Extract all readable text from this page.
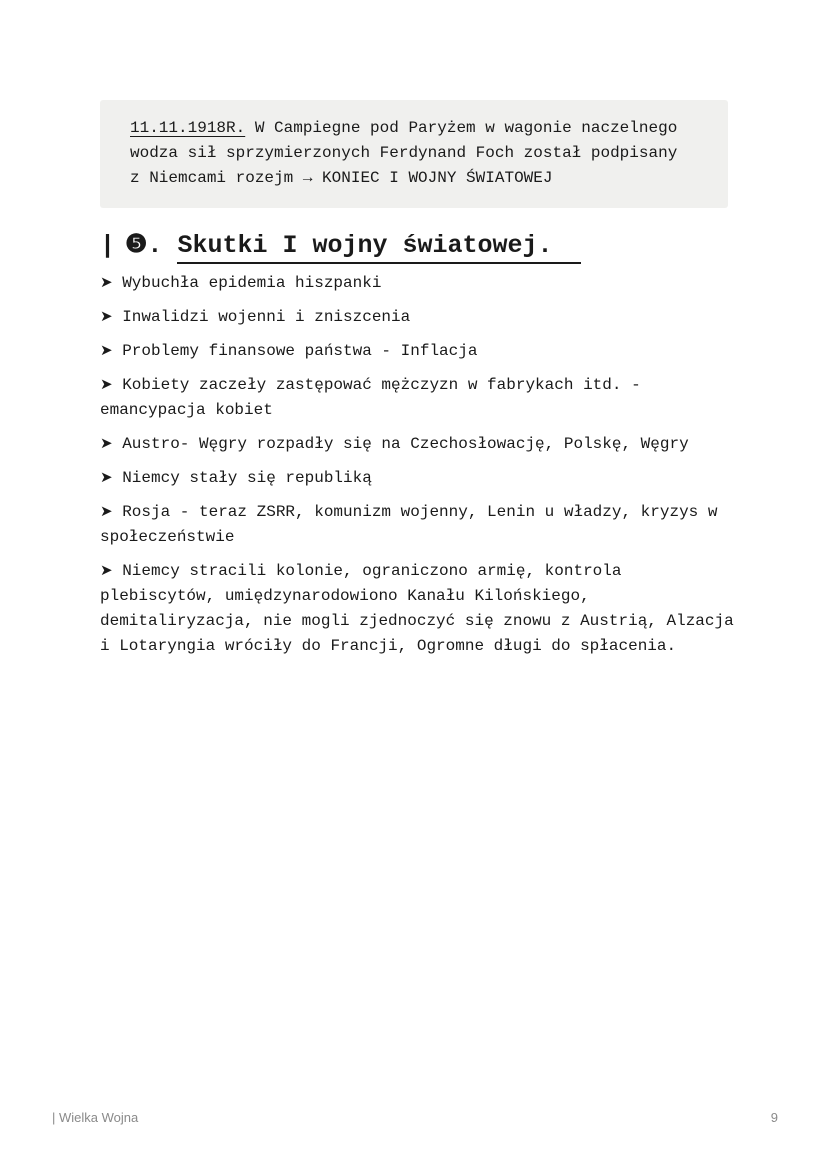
11.11.1918R. W Campiegne pod Paryżem w wagonie naczelnego
wodza sił sprzymierzonych Ferdynand Foch został podpisany
z Niemcami rozejm → KONIEC I WOJNY ŚWIATOWEJ
| ❺. Skutki I wojny światowej.
➤ Wybuchła epidemia hiszpanki
➤ Inwalidzi wojenni i zniszcenia
➤ Problemy finansowe państwa - Inflacja
➤ Kobiety zaczeły zastępować mężczyzn w fabrykach itd. - emancypacja kobiet
➤ Austro- Węgry rozpadły się na Czechosłowację, Polskę, Węgry
➤ Niemcy stały się republiką
➤ Rosja - teraz ZSRR, komunizm wojenny, Lenin u władzy, kryzys w społeczeństwie
➤ Niemcy stracili kolonie, ograniczono armię, kontrola plebiscytów, umiędzynarodowiono Kanału Kilońskiego, demitaliryzacja, nie mogli zjednoczyć się znowu z Austrią, Alzacja i Lotaryngia wróciły do Francji, Ogromne długi do spłacenia.
| Wielka Wojna	9
